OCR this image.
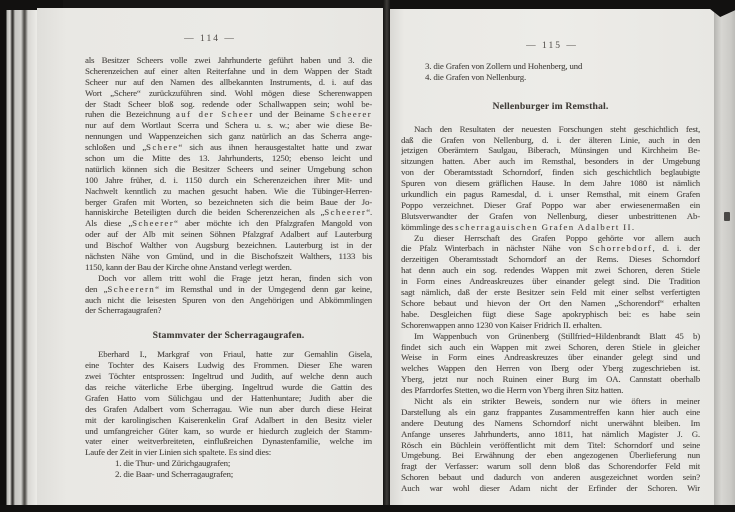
— 114 —
als Besitzer Scheers volle zwei Jahrhunderte geführt haben und 3. die
Scherenzeichen auf einer alten Reiterfahne und in dem Wappen der Stadt
Scheer nur auf den Namen des allbekannten Instruments, d. i. auf das
Wort „Schere“ zurückzuführen sind. Wohl mögen diese Scherenwappen
der Stadt Scheer bloß sog. redende oder Schallwappen sein; wohl be-
ruhen die Bezeichnung auf der Scheer und der Beiname Scheerer
nur auf dem Wortlaut Scerra und Schera u. s. w.; aber wie diese Be-
nennungen und Wappenzeichen sich ganz natürlich an das Scherra ange-
schloßen und „Schere“ sich aus ihnen herausgestaltet hatte und zwar
schon um die Mitte des 13. Jahrhunderts, 1250; ebenso leicht und
natürlich können sich die Besitzer Scheers und seiner Umgebung schon
100 Jahre früher, d. i. 1150 durch ein Scherenzeichen ihrer Mit- und
Nachwelt kenntlich zu machen gesucht haben. Wie die Tübinger-Herren-
berger Grafen mit Worten, so bezeichneten sich die beim Baue der Jo-
hanniskirche Beteiligten durch die beiden Scherenzeichen als „Scheerer“.
Als diese „Scheerer“ aber möchte ich den Pfalzgrafen Mangold von
oder auf der Alb mit seinen Söhnen Pfalzgraf Adalbert auf Lauterburg
und Bischof Walther von Augsburg bezeichnen. Lauterburg ist in der
nächsten Nähe von Gmünd, und in die Bischofszeit Walthers, 1133 bis
1150, kann der Bau der Kirche ohne Anstand verlegt werden.
Doch vor allem tritt wohl die Frage jetzt heran, finden sich von
den „Scheerern“ im Remsthal und in der Umgegend denn gar keine,
auch nicht die leisesten Spuren von den Angehörigen und Abkömmlingen
der Scherragaugrafen?
Stammvater der Scherragaugrafen.
Eberhard I., Markgraf von Friaul, hatte zur Gemahlin Gisela,
eine Tochter des Kaisers Ludwig des Frommen. Dieser Ehe waren
zwei Töchter entsprossen: Ingeltrud und Judith, auf welche denn auch
das reiche väterliche Erbe überging. Ingeltrud wurde die Gattin des
Grafen Hatto vom Sülichgau und der Hattenhuntare; Judith aber die
des Grafen Adalbert vom Scherragau. Wie nun aber durch diese Heirat
mit der karolingischen Kaiserenkelin Graf Adalbert in den Besitz vieler
und umfangreicher Güter kam, so wurde er hiedurch zugleich der Stamm-
vater einer weitverbreiteten, einflußreichen Dynastenfamilie, welche im
Laufe der Zeit in vier Linien sich spaltete. Es sind dies:
1. die Thur- und Zürichgaugrafen;
2. die Baar- und Scherragaugrafen;
— 115 —
3. die Grafen von Zollern und Hohenberg, und
4. die Grafen von Nellenburg.
Nellenburger im Remsthal.
Nach den Resultaten der neuesten Forschungen steht geschichtlich fest,
daß die Grafen von Nellenburg, d. i. der älteren Linie, auch in den
jetzigen Oberämtern Saulgau, Biberach, Münsingen und Kirchheim Be-
sitzungen hatten. Aber auch im Remsthal, besonders in der Umgebung
von der Oberamtsstadt Schorndorf, finden sich geschichtlich beglaubigte
Spuren von diesem gräflichen Hause. In dem Jahre 1080 ist nämlich
urkundlich ein pagus Ramesdal, d. i. unser Remsthal, mit einem Grafen
Poppo verzeichnet. Dieser Graf Poppo war aber erwiesenermaßen ein
Blutsverwandter der Grafen von Nellenburg, dieser unbestrittenen Ab-
kömmlinge des scherragauischen Grafen Adalbert II.
Zu dieser Herrschaft des Grafen Poppo gehörte vor allem auch
die Pfalz Winterbach in nächster Nähe von Schorrebdorf, d. i. der
derzeitigen Oberamtsstadt Schorndorf an der Rems. Dieses Schorndorf
hat denn auch ein sog. redendes Wappen mit zwei Schoren, deren Stiele
in Form eines Andreaskreuzes über einander gelegt sind. Die Tradition
sagt nämlich, daß der erste Besitzer sein Feld mit einer selbst verfertigten
Schore bebaut und hievon der Ort den Namen „Schorendorf“ erhalten
habe. Desgleichen fügt diese Sage apokryphisch bei: es habe sein
Schorenwappen anno 1230 von Kaiser Fridrich II. erhalten.
Im Wappenbuch von Grünenberg (Stillfried=Hildenbrandt Blatt 45 b)
findet sich auch ein Wappen mit zwei Schoren, deren Stiele in gleicher
Weise in Form eines Andreaskreuzes über einander gelegt sind und
welches Wappen den Herren von Iberg oder Yberg zugeschrieben ist.
Yberg, jetzt nur noch Ruinen einer Burg im OA. Cannstatt oberhalb
des Pfarrdorfes Stetten, wo die Herrn von Yberg ihren Sitz hatten.
Nicht als ein strikter Beweis, sondern nur wie öfters in meiner
Darstellung als ein ganz frappantes Zusammentreffen kann hier auch eine
andere Deutung des Namens Schorndorf nicht unerwähnt bleiben. Im
Anfange unseres Jahrhunderts, anno 1811, hat nämlich Magister J. G.
Rösch ein Büchlein veröffentlicht mit dem Titel: Schorndorf und seine
Umgebung. Bei Erwähnung der eben angezogenen Überlieferung nun
fragt der Verfasser: warum soll denn bloß das Schorendorfer Feld mit
Schoren bebaut und dadurch von anderen ausgezeichnet worden sein?
Auch war wohl dieser Adam nicht der Erfinder der Schoren. Wir
